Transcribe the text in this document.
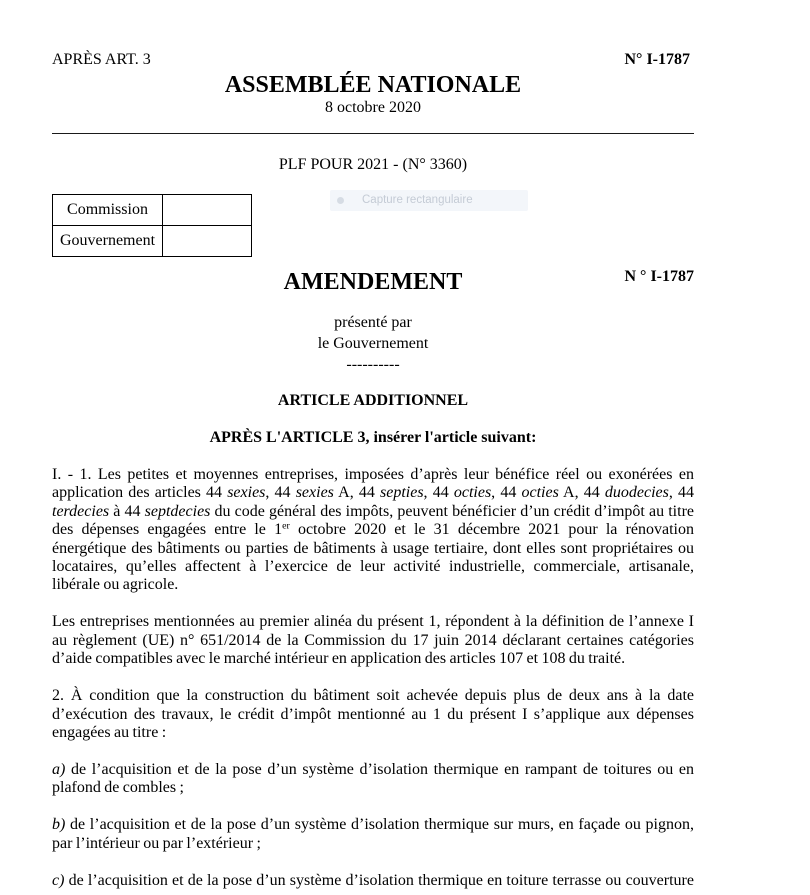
APRÈS ART. 3	N° I-1787
ASSEMBLÉE NATIONALE
8 octobre 2020
PLF POUR 2021 - (N° 3360)
Commission
Gouvernement
Capture rectangulaire
AMENDEMENT	N ° I-1787
présenté par
le Gouvernement
----------
ARTICLE ADDITIONNEL
APRÈS L'ARTICLE 3, insérer l'article suivant:
I. - 1. Les petites et moyennes entreprises, imposées d’après leur bénéfice réel ou exonérées en
application des articles 44 sexies, 44 sexies A, 44 septies, 44 octies, 44 octies A, 44 duodecies, 44
terdecies à 44 septdecies du code général des impôts, peuvent bénéficier d’un crédit d’impôt au titre
des dépenses engagées entre le 1er octobre 2020 et le 31 décembre 2021 pour la rénovation
énergétique des bâtiments ou parties de bâtiments à usage tertiaire, dont elles sont propriétaires ou
locataires, qu’elles affectent à l’exercice de leur activité industrielle, commerciale, artisanale,
libérale ou agricole.
Les entreprises mentionnées au premier alinéa du présent 1, répondent à la définition de l’annexe I
au règlement (UE) n° 651/2014 de la Commission du 17 juin 2014 déclarant certaines catégories
d’aide compatibles avec le marché intérieur en application des articles 107 et 108 du traité.
2. À condition que la construction du bâtiment soit achevée depuis plus de deux ans à la date
d’exécution des travaux, le crédit d’impôt mentionné au 1 du présent I s’applique aux dépenses
engagées au titre :
a) de l’acquisition et de la pose d’un système d’isolation thermique en rampant de toitures ou en
plafond de combles ;
b) de l’acquisition et de la pose d’un système d’isolation thermique sur murs, en façade ou pignon,
par l’intérieur ou par l’extérieur ;
c) de l’acquisition et de la pose d’un système d’isolation thermique en toiture terrasse ou couverture
